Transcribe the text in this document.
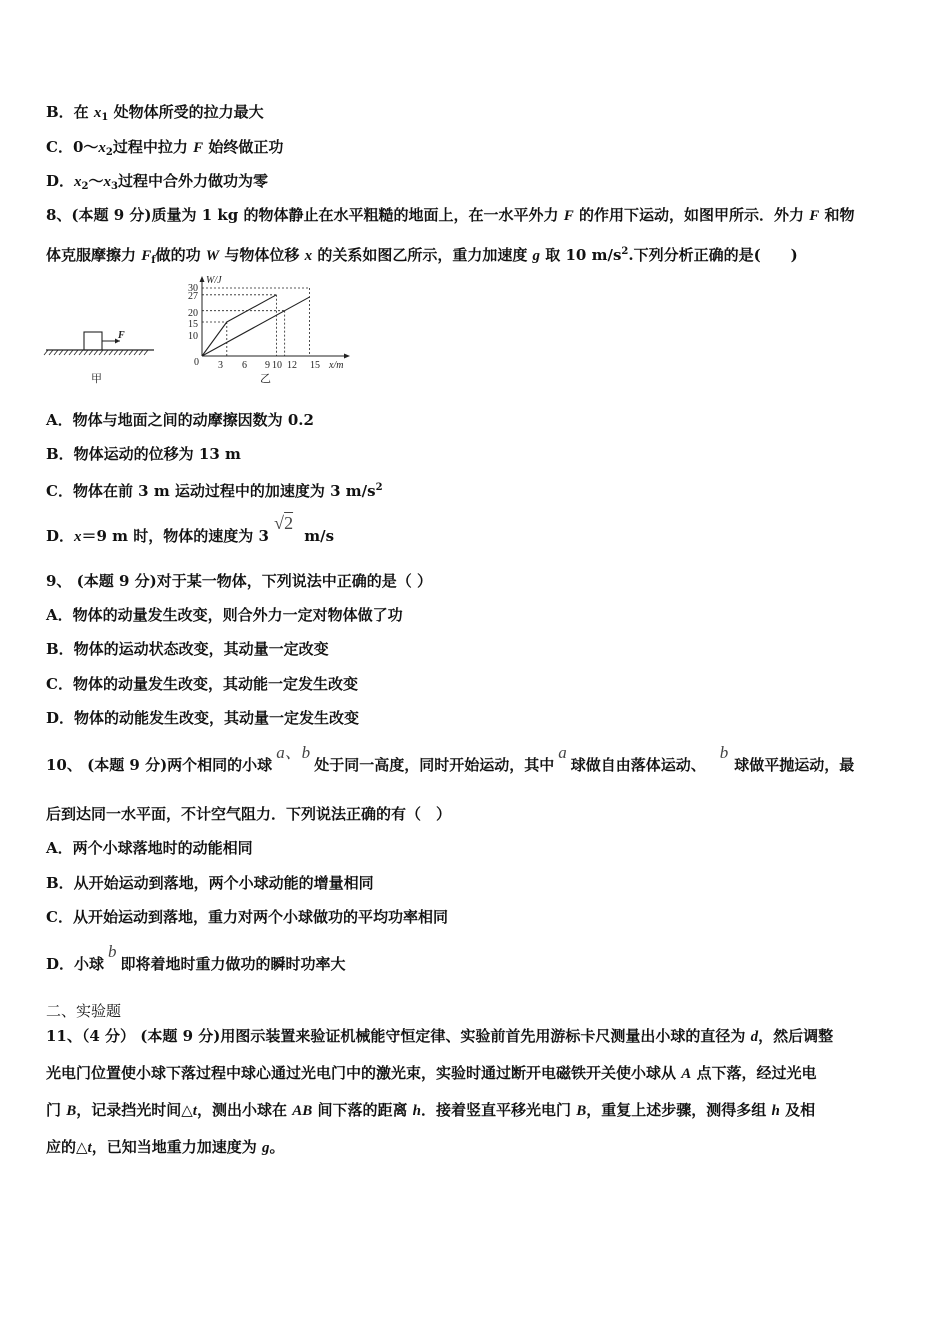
B．在 $x_1$ 处物体所受的拉力最大
C．$0\sim x_2$过程中拉力 F 始终做正功
D．$x_2\sim x_3$过程中合外力做功为零
8、(本题 9 分)质量为 1 kg 的物体静止在水平粗糙的地面上，在一水平外力 F 的作用下运动，如图甲所示．外力 F 和物
体克服摩擦力 $F_f$做的功 W 与物体位移 x 的关系如图乙所示，重力加速度 g 取 10 $m/s^2$.下列分析正确的是(　　)
F
甲
W/J
x/m
0
30
27
20
15
10
3 6 9 10 12 15
乙
A．物体与地面之间的动摩擦因数为 0.2
B．物体运动的位移为 13 m
C．物体在前 3 m 运动过程中的加速度为 3 $m/s^2$
D．x＝9 m 时，物体的速度为 3 √2 m/s
9、 (本题 9 分)对于某一物体，下列说法中正确的是（ ）
A．物体的动量发生改变，则合外力一定对物体做了功
B．物体的运动状态改变，其动量一定改变
C．物体的动量发生改变，其动能一定发生改变
D．物体的动能发生改变，其动量一定发生改变
10、 (本题 9 分)两个相同的小球a、b处于同一高度，同时开始运动，其中a球做自由落体运动、b球做平抛运动，最
后到达同一水平面，不计空气阻力．下列说法正确的有（　）
A．两个小球落地时的动能相同
B．从开始运动到落地，两个小球动能的增量相同
C．从开始运动到落地，重力对两个小球做功的平均功率相同
D．小球b即将着地时重力做功的瞬时功率大
二、实验题
11、（4 分） (本题 9 分)用图示装置来验证机械能守恒定律、实验前首先用游标卡尺测量出小球的直径为 d，然后调整
光电门位置使小球下落过程中球心通过光电门中的激光束，实验时通过断开电磁铁开关使小球从 A 点下落，经过光电
门 B，记录挡光时间△t，测出小球在 AB 间下落的距离 h．接着竖直平移光电门 B，重复上述步骤，测得多组 h 及相
应的△t，已知当地重力加速度为 g。
